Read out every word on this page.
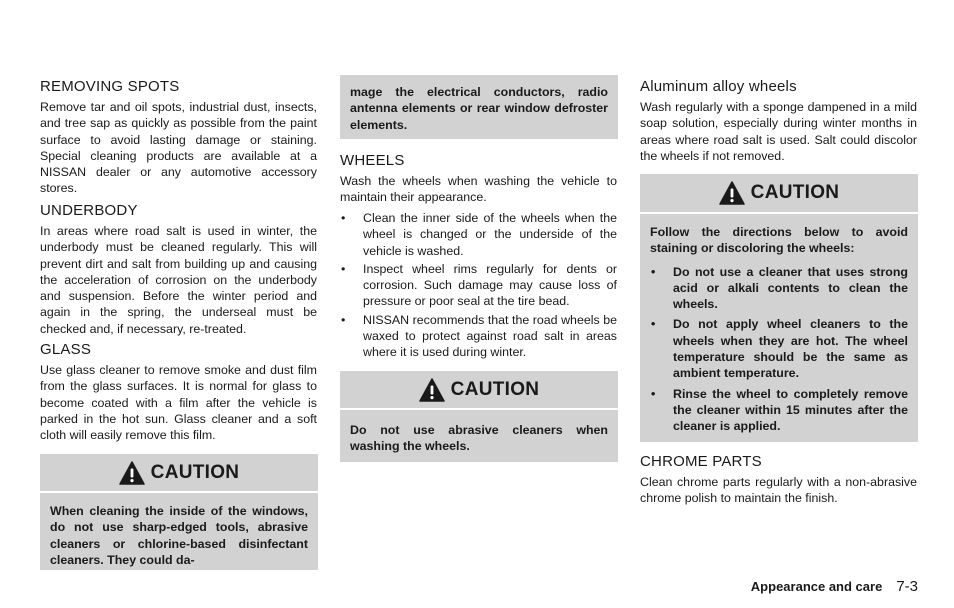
REMOVING SPOTS
Remove tar and oil spots, industrial dust, insects, and tree sap as quickly as possible from the paint surface to avoid lasting damage or staining. Special cleaning products are available at a NISSAN dealer or any automotive accessory stores.
UNDERBODY
In areas where road salt is used in winter, the underbody must be cleaned regularly. This will prevent dirt and salt from building up and causing the acceleration of corrosion on the underbody and suspension. Before the winter period and again in the spring, the underseal must be checked and, if necessary, re-treated.
GLASS
Use glass cleaner to remove smoke and dust film from the glass surfaces. It is normal for glass to become coated with a film after the vehicle is parked in the hot sun. Glass cleaner and a soft cloth will easily remove this film.
CAUTION
When cleaning the inside of the windows, do not use sharp-edged tools, abrasive cleaners or chlorine-based disinfectant cleaners. They could da-
mage the electrical conductors, radio antenna elements or rear window defroster elements.
WHEELS
Wash the wheels when washing the vehicle to maintain their appearance.
• Clean the inner side of the wheels when the wheel is changed or the underside of the vehicle is washed.
• Inspect wheel rims regularly for dents or corrosion. Such damage may cause loss of pressure or poor seal at the tire bead.
• NISSAN recommends that the road wheels be waxed to protect against road salt in areas where it is used during winter.
CAUTION
Do not use abrasive cleaners when washing the wheels.
Aluminum alloy wheels
Wash regularly with a sponge dampened in a mild soap solution, especially during winter months in areas where road salt is used. Salt could discolor the wheels if not removed.
CAUTION
Follow the directions below to avoid staining or discoloring the wheels:
• Do not use a cleaner that uses strong acid or alkali contents to clean the wheels.
• Do not apply wheel cleaners to the wheels when they are hot. The wheel temperature should be the same as ambient temperature.
• Rinse the wheel to completely remove the cleaner within 15 minutes after the cleaner is applied.
CHROME PARTS
Clean chrome parts regularly with a non-abrasive chrome polish to maintain the finish.
Appearance and care 7-3
